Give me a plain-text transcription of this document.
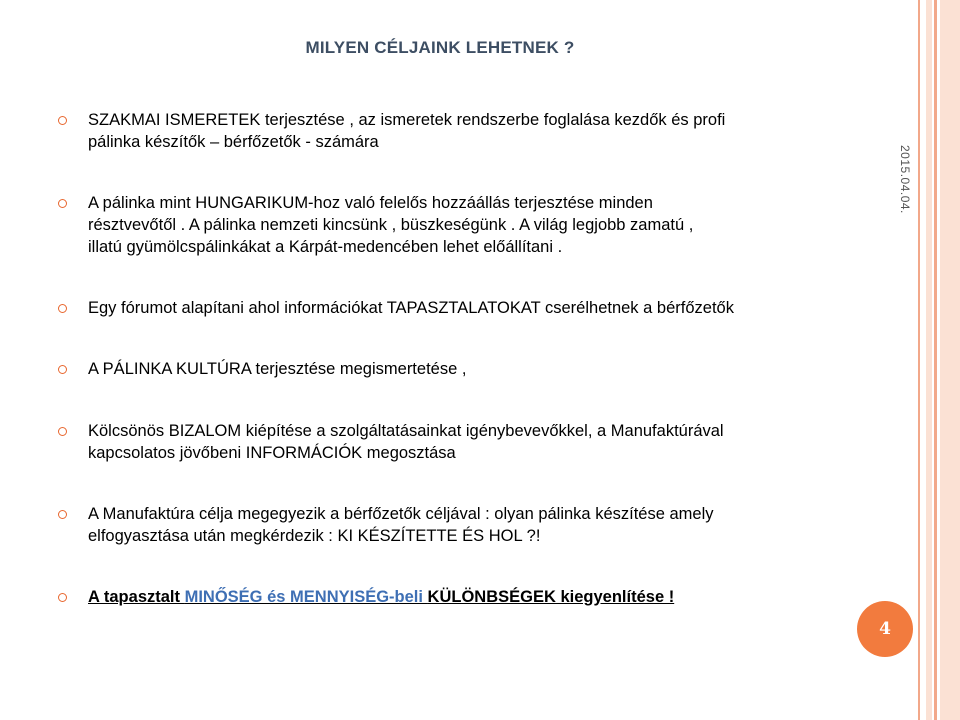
MILYEN CÉLJAINK LEHETNEK ?
2015.04.04.
SZAKMAI ISMERETEK terjesztése , az ismeretek rendszerbe foglalása kezdők és profi
pálinka készítők – bérfőzetők - számára
A pálinka mint HUNGARIKUM-hoz való felelős hozzáállás terjesztése minden
résztvevőtől . A pálinka nemzeti kincsünk , büszkeségünk . A világ legjobb zamatú ,
illatú gyümölcspálinkákat a Kárpát-medencében lehet előállítani .
Egy fórumot alapítani ahol információkat TAPASZTALATOKAT cserélhetnek a bérfőzetők
A PÁLINKA KULTÚRA terjesztése megismertetése ,
Kölcsönös BIZALOM kiépítése a szolgáltatásainkat igénybevevőkkel, a Manufaktúrával
kapcsolatos jövőbeni INFORMÁCIÓK megosztása
A Manufaktúra célja megegyezik a bérfőzetők céljával : olyan pálinka készítése amely
elfogyasztása után megkérdezik : KI KÉSZÍTETTE ÉS HOL ?!
A tapasztalt MINŐSÉG és MENNYISÉG-beli KÜLÖNBSÉGEK kiegyenlítése !
4
